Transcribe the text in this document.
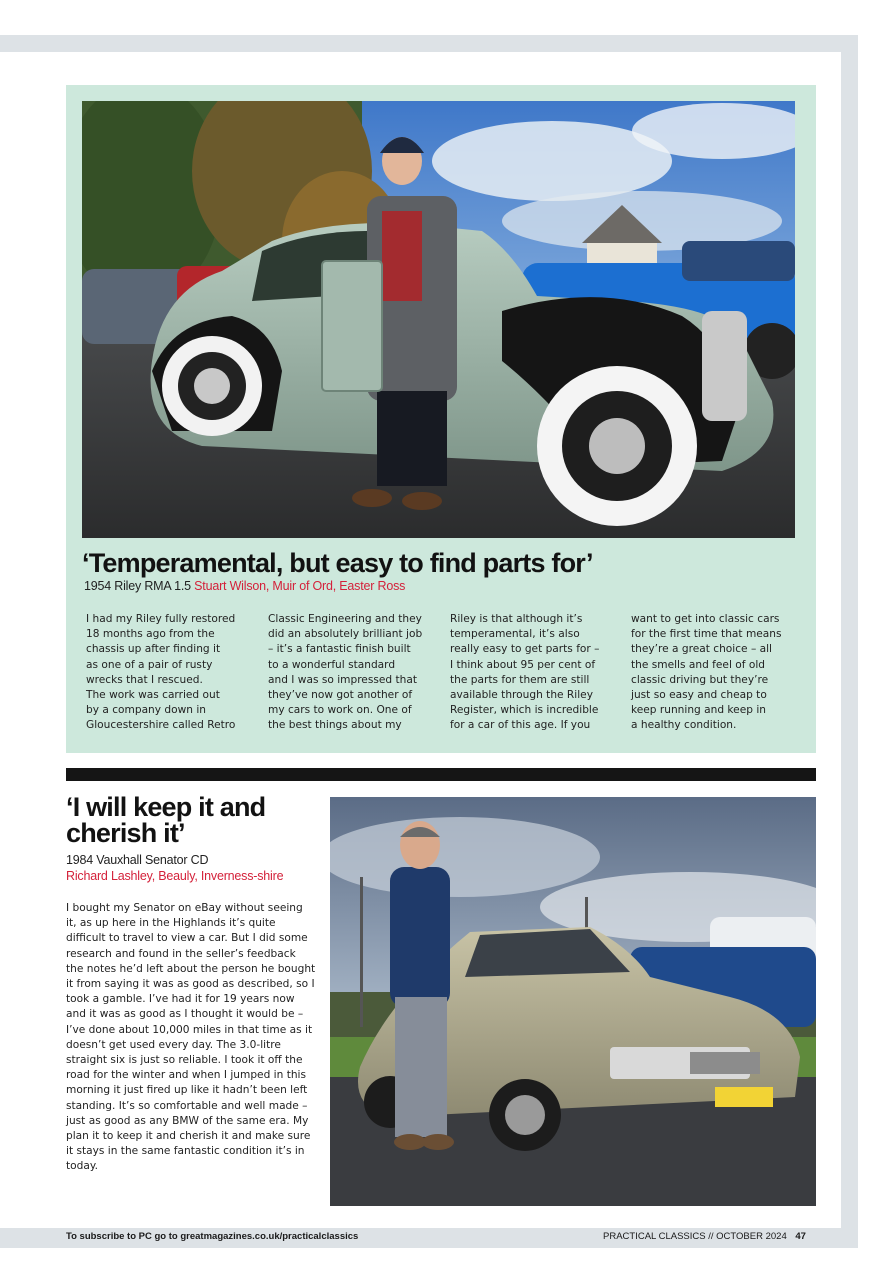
‘Temperamental, but easy to find parts for’
1954 Riley RMA 1.5 Stuart Wilson, Muir of Ord, Easter Ross
I had my Riley fully restored
18 months ago from the
chassis up after finding it
as one of a pair of rusty
wrecks that I rescued.
The work was carried out
by a company down in
Gloucestershire called Retro
Classic Engineering and they
did an absolutely brilliant job
– it’s a fantastic finish built
to a wonderful standard
and I was so impressed that
they’ve now got another of
my cars to work on. One of
the best things about my
Riley is that although it’s
temperamental, it’s also
really easy to get parts for –
I think about 95 per cent of
the parts for them are still
available through the Riley
Register, which is incredible
for a car of this age. If you
want to get into classic cars
for the first time that means
they’re a great choice – all
the smells and feel of old
classic driving but they’re
just so easy and cheap to
keep running and keep in
a healthy condition.
‘I will keep it and cherish it’
1984 Vauxhall Senator CD
Richard Lashley, Beauly, Inverness-shire
I bought my Senator on eBay without seeing it, as up here in the Highlands it’s quite difficult to travel to view a car. But I did some research and found in the seller’s feedback the notes he’d left about the person he bought it from saying it was as good as described, so I took a gamble. I’ve had it for 19 years now and it was as good as I thought it would be – I’ve done about 10,000 miles in that time as it doesn’t get used every day. The 3.0-litre straight six is just so reliable. I took it off the road for the winter and when I jumped in this morning it just fired up like it hadn’t been left standing. It’s so comfortable and well made – just as good as any BMW of the same era. My plan it to keep it and cherish it and make sure it stays in the same fantastic condition it’s in today.
To subscribe to PC go to greatmagazines.co.uk/practicalclassics	PRACTICAL CLASSICS // OCTOBER 2024 47
